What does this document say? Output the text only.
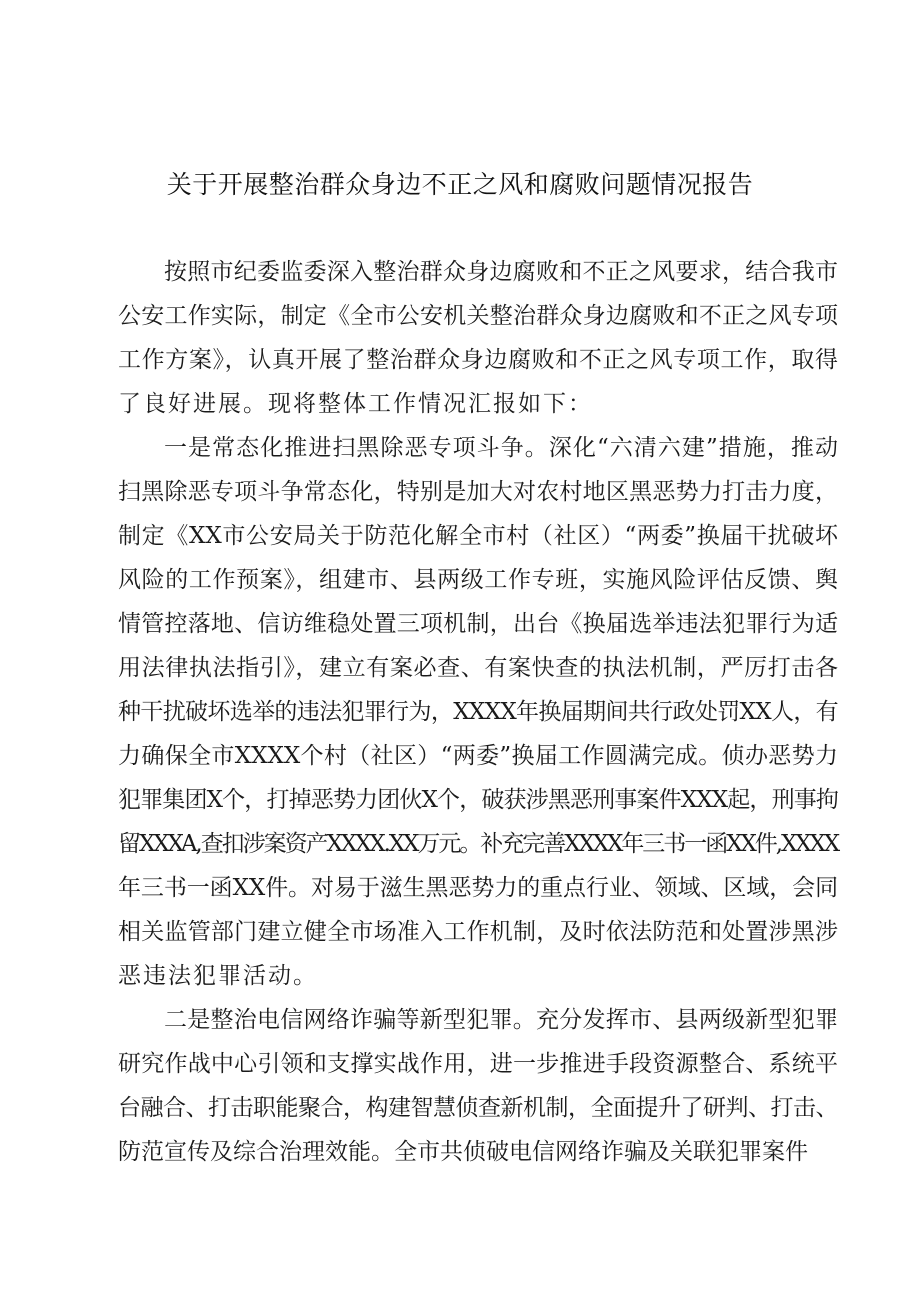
关于开展整治群众身边不正之风和腐败问题情况报告
按照市纪委监委深入整治群众身边腐败和不正之风要求，结合我市
公安工作实际，制定《全市公安机关整治群众身边腐败和不正之风专项
工作方案》，认真开展了整治群众身边腐败和不正之风专项工作，取得
了良好进展。现将整体工作情况汇报如下：
一是常态化推进扫黑除恶专项斗争。深化“六清六建”措施，推动
扫黑除恶专项斗争常态化，特别是加大对农村地区黑恶势力打击力度，
制定《XX市公安局关于防范化解全市村（社区）“两委”换届干扰破坏
风险的工作预案》，组建市、县两级工作专班，实施风险评估反馈、舆
情管控落地、信访维稳处置三项机制，出台《换届选举违法犯罪行为适
用法律执法指引》，建立有案必查、有案快查的执法机制，严厉打击各
种干扰破坏选举的违法犯罪行为，XXXX年换届期间共行政处罚XX人，有
力确保全市XXXX个村（社区）“两委”换届工作圆满完成。侦办恶势力
犯罪集团X个，打掉恶势力团伙X个，破获涉黑恶刑事案件XXX起，刑事拘
留XXXA,查扣涉案资产XXXX.XX万元。补充完善XXXX年三书一函XX件,XXXX
年三书一函XX件。对易于滋生黑恶势力的重点行业、领域、区域，会同
相关监管部门建立健全市场准入工作机制，及时依法防范和处置涉黑涉
恶违法犯罪活动。
二是整治电信网络诈骗等新型犯罪。充分发挥市、县两级新型犯罪
研究作战中心引领和支撑实战作用，进一步推进手段资源整合、系统平
台融合、打击职能聚合，构建智慧侦查新机制，全面提升了研判、打击、
防范宣传及综合治理效能。全市共侦破电信网络诈骗及关联犯罪案件
